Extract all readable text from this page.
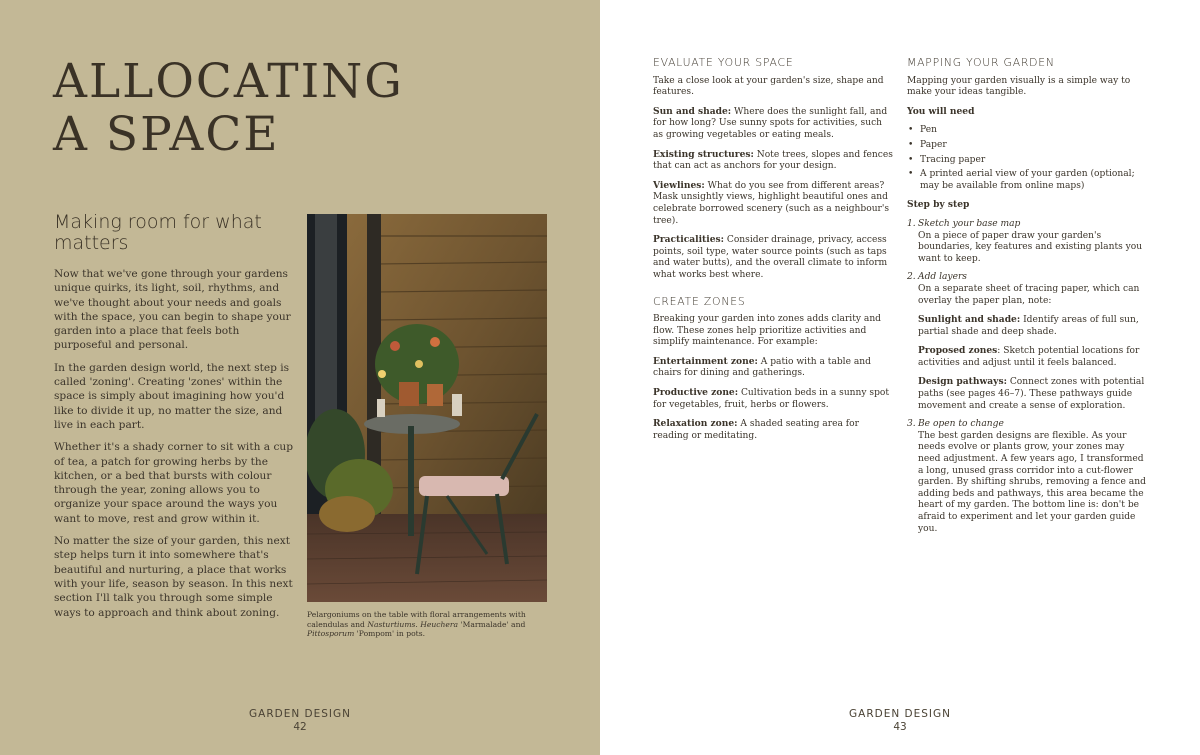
ALLOCATING
A SPACE
Making room for what matters

Now that we've gone through your gardens unique quirks, its light, soil, rhythms, and we've thought about your needs and goals with the space, you can begin to shape your garden into a place that feels both purposeful and personal.

In the garden design world, the next step is called 'zoning'. Creating 'zones' within the space is simply about imagining how you'd like to divide it up, no matter the size, and live in each part.

Whether it's a shady corner to sit with a cup of tea, a patch for growing herbs by the kitchen, or a bed that bursts with colour through the year, zoning allows you to organize your space around the ways you want to move, rest and grow within it.

No matter the size of your garden, this next step helps turn it into somewhere that's beautiful and nurturing, a place that works with your life, season by season. In this next section I'll talk you through some simple ways to approach and think about zoning.	Pelargoniums on the table with floral arrangements with calendulas and Nasturtiums. Heuchera 'Marmalade' and Pittosporum 'Pompom' in pots.
GARDEN DESIGN
42
EVALUATE YOUR SPACE

Take a close look at your garden's size, shape and features.

Sun and shade: Where does the sunlight fall, and for how long? Use sunny spots for activities, such as growing vegetables or eating meals.

Existing structures: Note trees, slopes and fences that can act as anchors for your design.

Viewlines: What do you see from different areas? Mask unsightly views, highlight beautiful ones and celebrate borrowed scenery (such as a neighbour's tree).

Practicalities: Consider drainage, privacy, access points, soil type, water source points (such as taps and water butts), and the overall climate to inform what works best where.

CREATE ZONES

Breaking your garden into zones adds clarity and flow. These zones help prioritize activities and simplify maintenance. For example:

Entertainment zone: A patio with a table and chairs for dining and gatherings.

Productive zone: Cultivation beds in a sunny spot for vegetables, fruit, herbs or flowers.

Relaxation zone: A shaded seating area for reading or meditating.

MAPPING YOUR GARDEN

Mapping your garden visually is a simple way to make your ideas tangible.

You will need

• Pen
• Paper
• Tracing paper
• A printed aerial view of your garden (optional; may be available from online maps)

Step by step

1. Sketch your base map
On a piece of paper draw your garden's boundaries, key features and existing plants you want to keep.
2. Add layers
On a separate sheet of tracing paper, which can overlay the paper plan, note:
Sunlight and shade: Identify areas of full sun, partial shade and deep shade.
Proposed zones: Sketch potential locations for activities and adjust until it feels balanced.
Design pathways: Connect zones with potential paths (see pages 46–7). These pathways guide movement and create a sense of exploration.
3. Be open to change
The best garden designs are flexible. As your needs evolve or plants grow, your zones may need adjustment. A few years ago, I transformed a long, unused grass corridor into a cut-flower garden. By shifting shrubs, removing a fence and adding beds and pathways, this area became the heart of my garden. The bottom line is: don't be afraid to experiment and let your garden guide you.
GARDEN DESIGN
43
